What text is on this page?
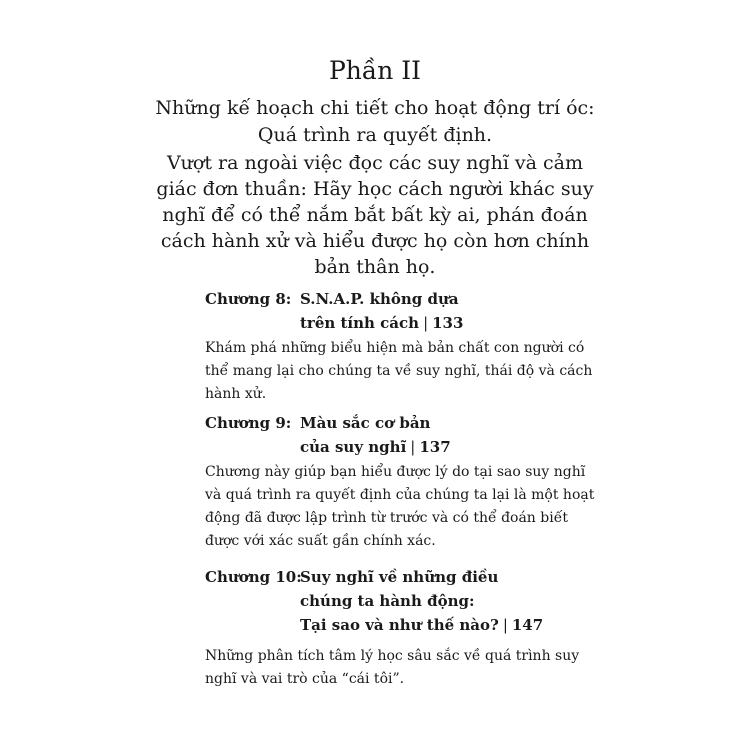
Phần II
Những kế hoạch chi tiết cho hoạt động trí óc:
Quá trình ra quyết định.
Vượt ra ngoài việc đọc các suy nghĩ và cảm
giác đơn thuần: Hãy học cách người khác suy
nghĩ để có thể nắm bắt bất kỳ ai, phán đoán
cách hành xử và hiểu được họ còn hơn chính
bản thân họ.
Chương 8: S.N.A.P. không dựa
trên tính cách | 133
Khám phá những biểu hiện mà bản chất con người có
thể mang lại cho chúng ta về suy nghĩ, thái độ và cách
hành xử.
Chương 9: Màu sắc cơ bản
của suy nghĩ | 137
Chương này giúp bạn hiểu được lý do tại sao suy nghĩ
và quá trình ra quyết định của chúng ta lại là một hoạt
động đã được lập trình từ trước và có thể đoán biết
được với xác suất gần chính xác.
Chương 10:
Suy nghĩ về những điều
chúng ta hành động:
Tại sao và như thế nào? | 147
Những phân tích tâm lý học sâu sắc về quá trình suy
nghĩ và vai trò của “cái tôi”.
